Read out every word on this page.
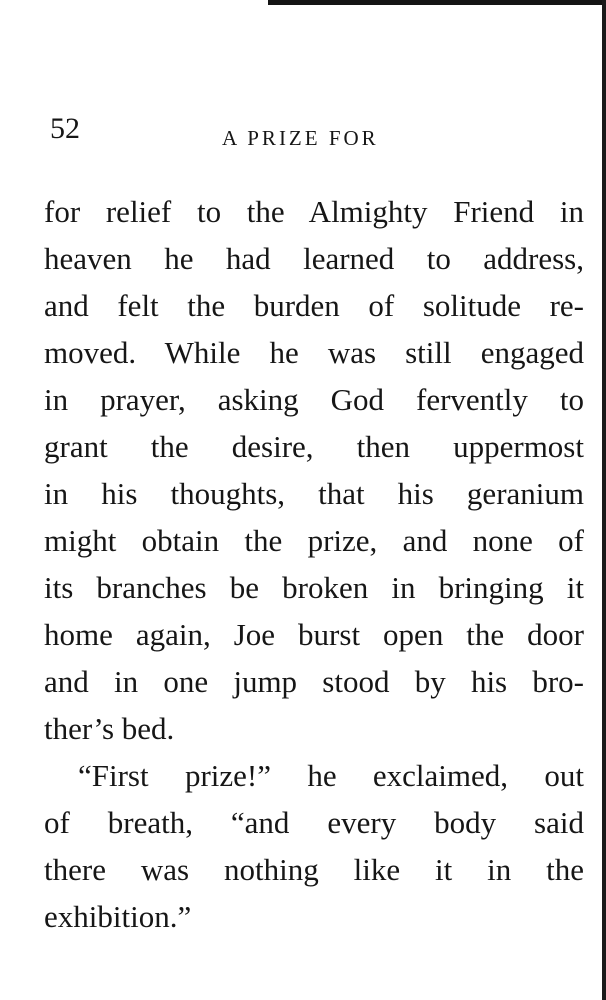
52	A PRIZE FOR
for relief to the Almighty Friend in
heaven he had learned to address,
and felt the burden of solitude re-
moved. While he was still engaged
in prayer, asking God fervently to
grant the desire, then uppermost
in his thoughts, that his geranium
might obtain the prize, and none of
its branches be broken in bringing it
home again, Joe burst open the door
and in one jump stood by his bro-
ther’s bed.
“First prize!” he exclaimed, out
of breath, “and every body said
there was nothing like it in the
exhibition.”
